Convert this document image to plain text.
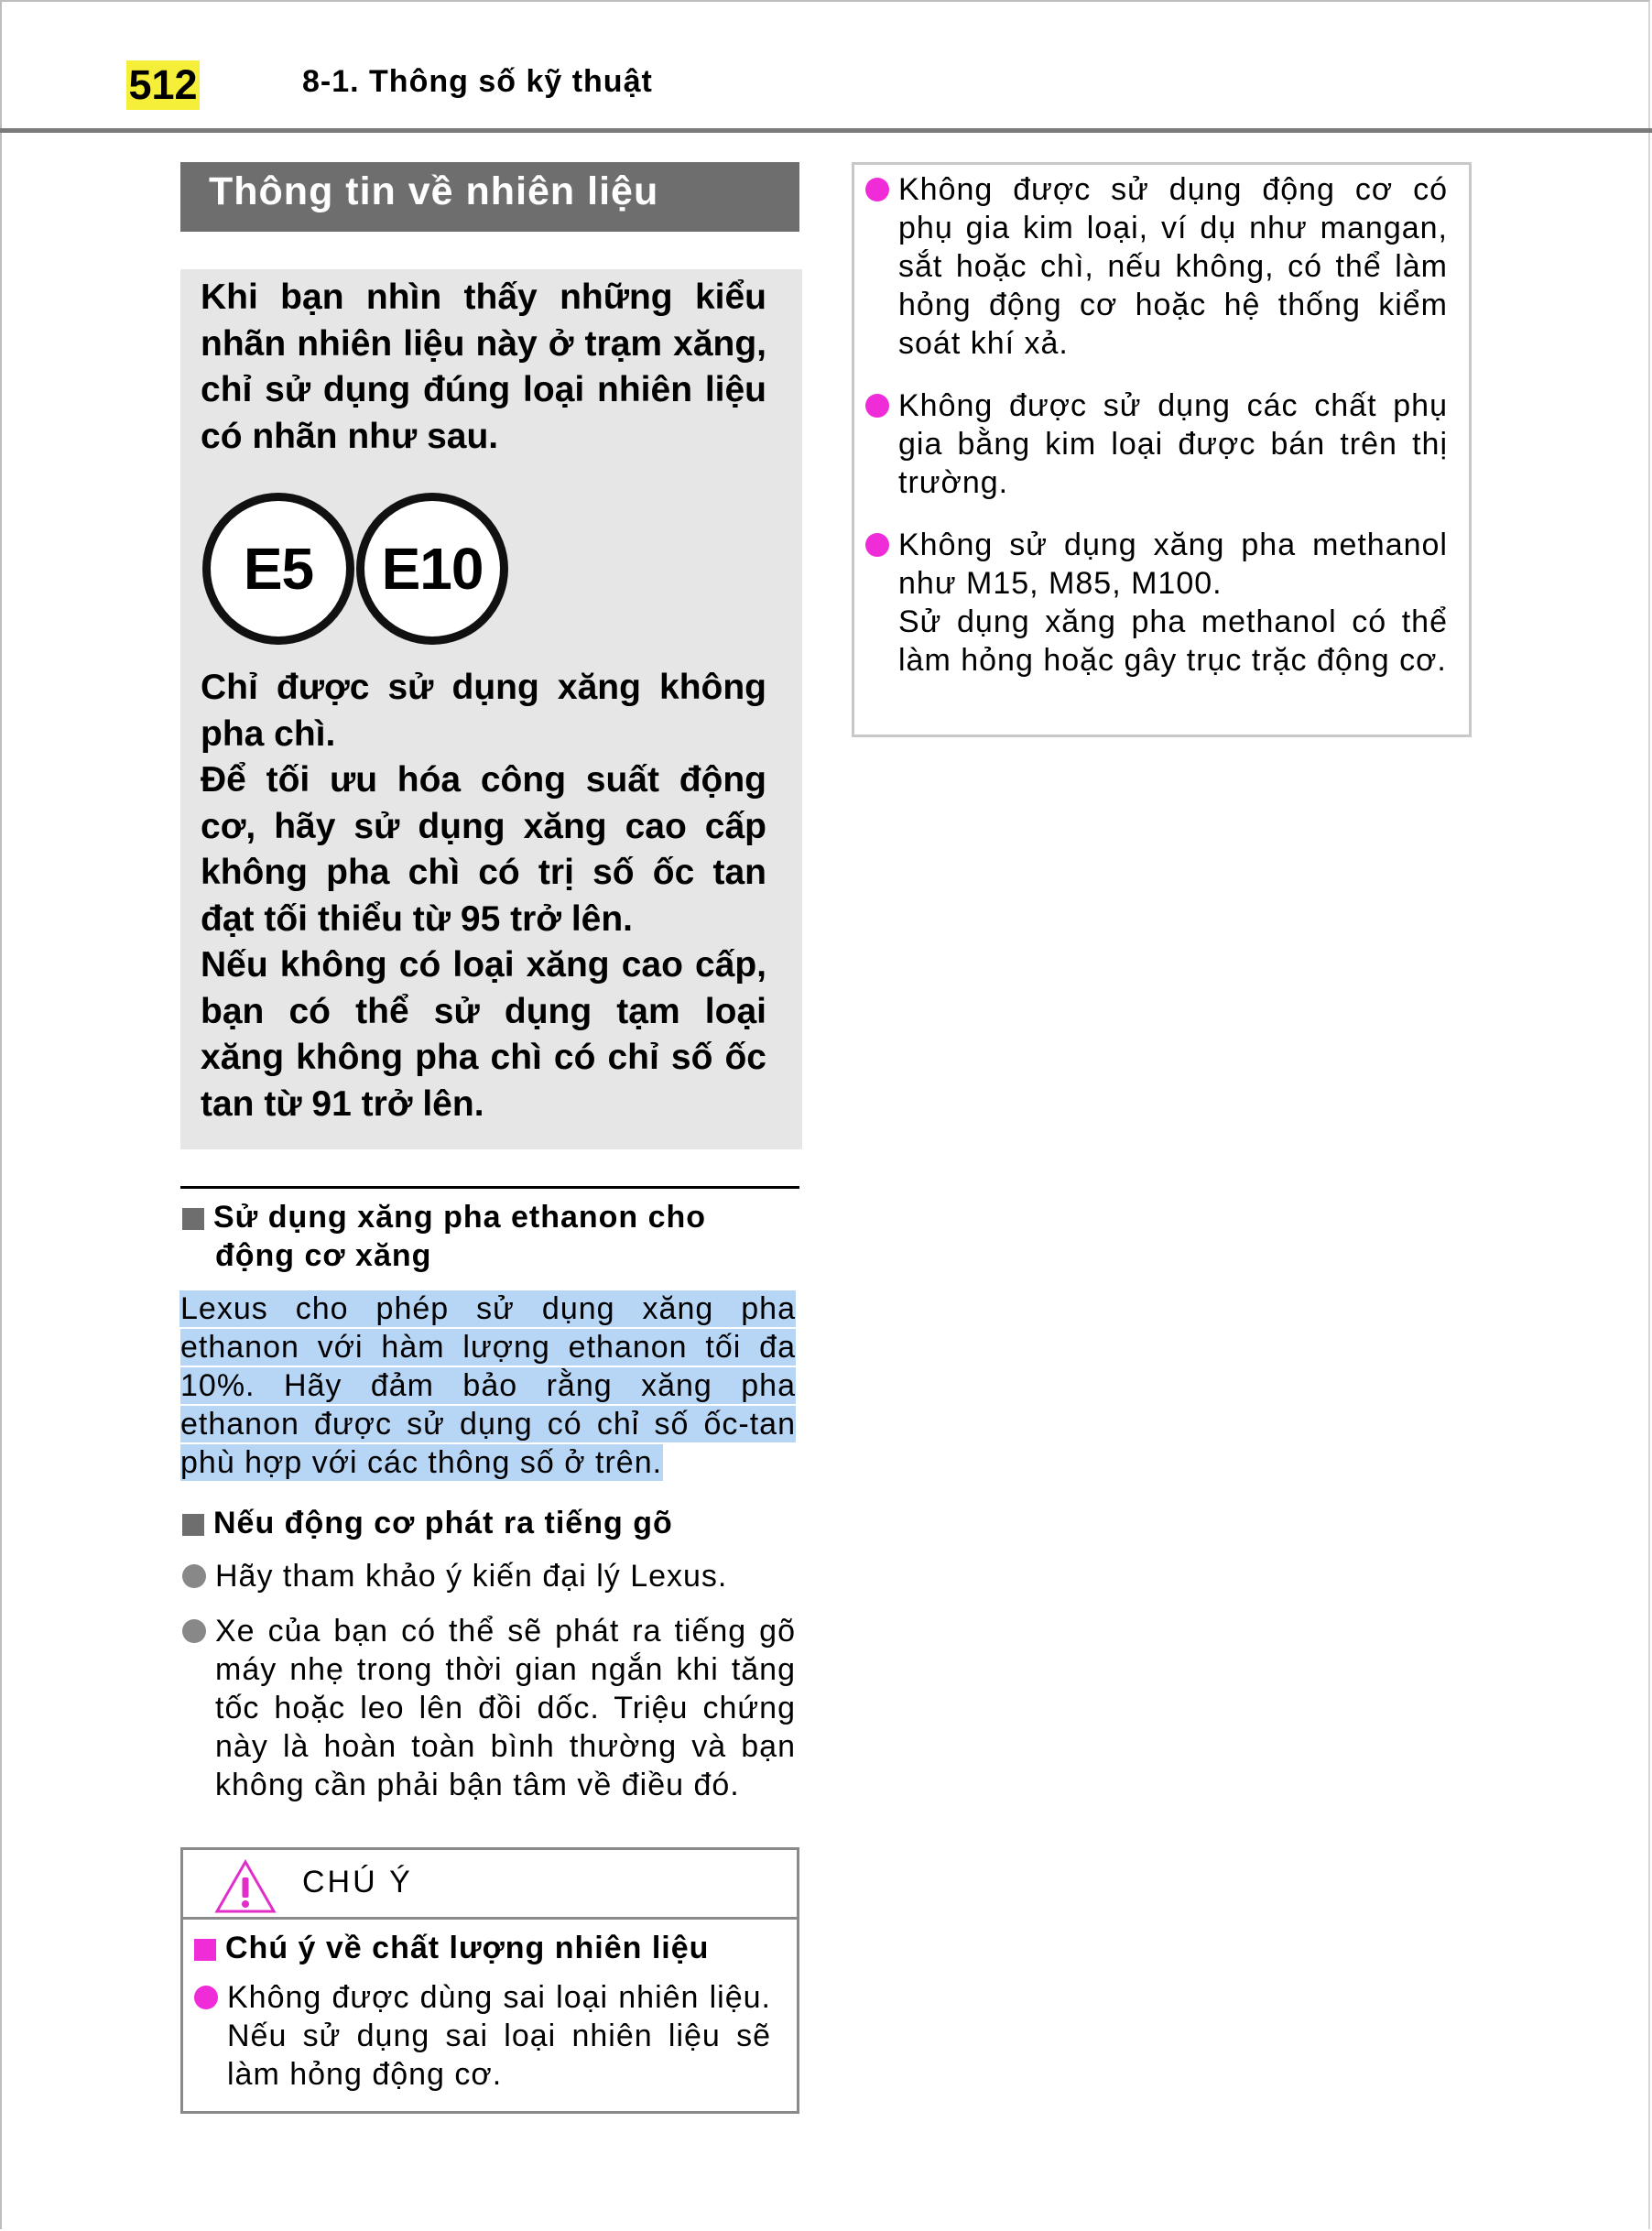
512	8-1. Thông số kỹ thuật
Thông tin về nhiên liệu

Khi bạn nhìn thấy những kiểu nhãn nhiên liệu này ở trạm xăng, chỉ sử dụng đúng loại nhiên liệu có nhãn như sau.

E5	E10

Chỉ được sử dụng xăng không pha chì.

Để tối ưu hóa công suất động cơ, hãy sử dụng xăng cao cấp không pha chì có trị số ốc tan đạt tối thiểu từ 95 trở lên.

Nếu không có loại xăng cao cấp, bạn có thể sử dụng tạm loại xăng không pha chì có chỉ số ốc tan từ 91 trở lên.

Sử dụng xăng pha ethanon cho
động cơ xăng

Lexus cho phép sử dụng xăng pha ethanon với hàm lượng ethanon tối đa 10%. Hãy đảm bảo rằng xăng pha ethanon được sử dụng có chỉ số ốc-tan phù hợp với các thông số ở trên.

Nếu động cơ phát ra tiếng gõ

Hãy tham khảo ý kiến đại lý Lexus.

Xe của bạn có thể sẽ phát ra tiếng gõ máy nhẹ trong thời gian ngắn khi tăng tốc hoặc leo lên đồi dốc. Triệu chứng này là hoàn toàn bình thường và bạn không cần phải bận tâm về điều đó.

CHÚ Ý
Chú ý về chất lượng nhiên liệu

Không được dùng sai loại nhiên liệu. Nếu sử dụng sai loại nhiên liệu sẽ làm hỏng động cơ.

Không được sử dụng động cơ có phụ gia kim loại, ví dụ như mangan, sắt hoặc chì, nếu không, có thể làm hỏng động cơ hoặc hệ thống kiểm soát khí xả.

Không được sử dụng các chất phụ gia bằng kim loại được bán trên thị trường.

Không sử dụng xăng pha methanol như M15, M85, M100.

Sử dụng xăng pha methanol có thể làm hỏng hoặc gây trục trặc động cơ.
